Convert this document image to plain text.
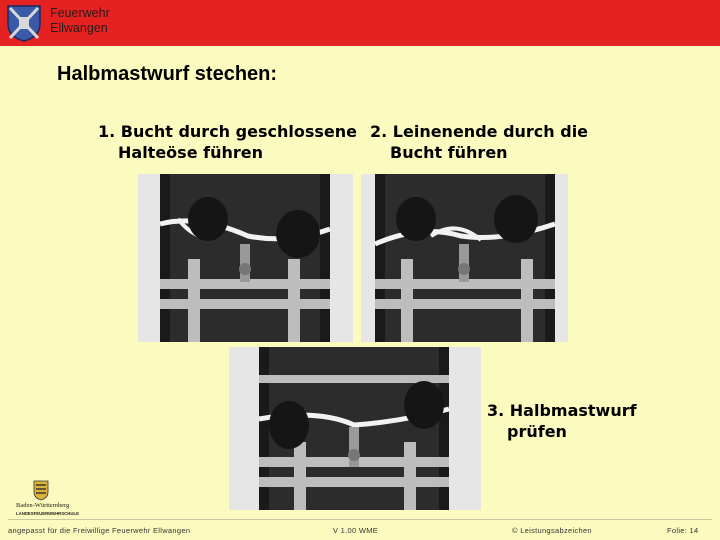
Feuerwehr
Ellwangen
Halbmastwurf stechen:
1. Bucht durch geschlossene
Halteöse führen
2. Leinenende durch die
Bucht führen
3. Halbmastwurf
prüfen
Baden-Württemberg
LANDESFEUERWEHRSCHULE
angepasst für die Freiwillige Feuerwehr Ellwangen	V 1.00 WME	© Leistungsabzeichen	Folie: 14
